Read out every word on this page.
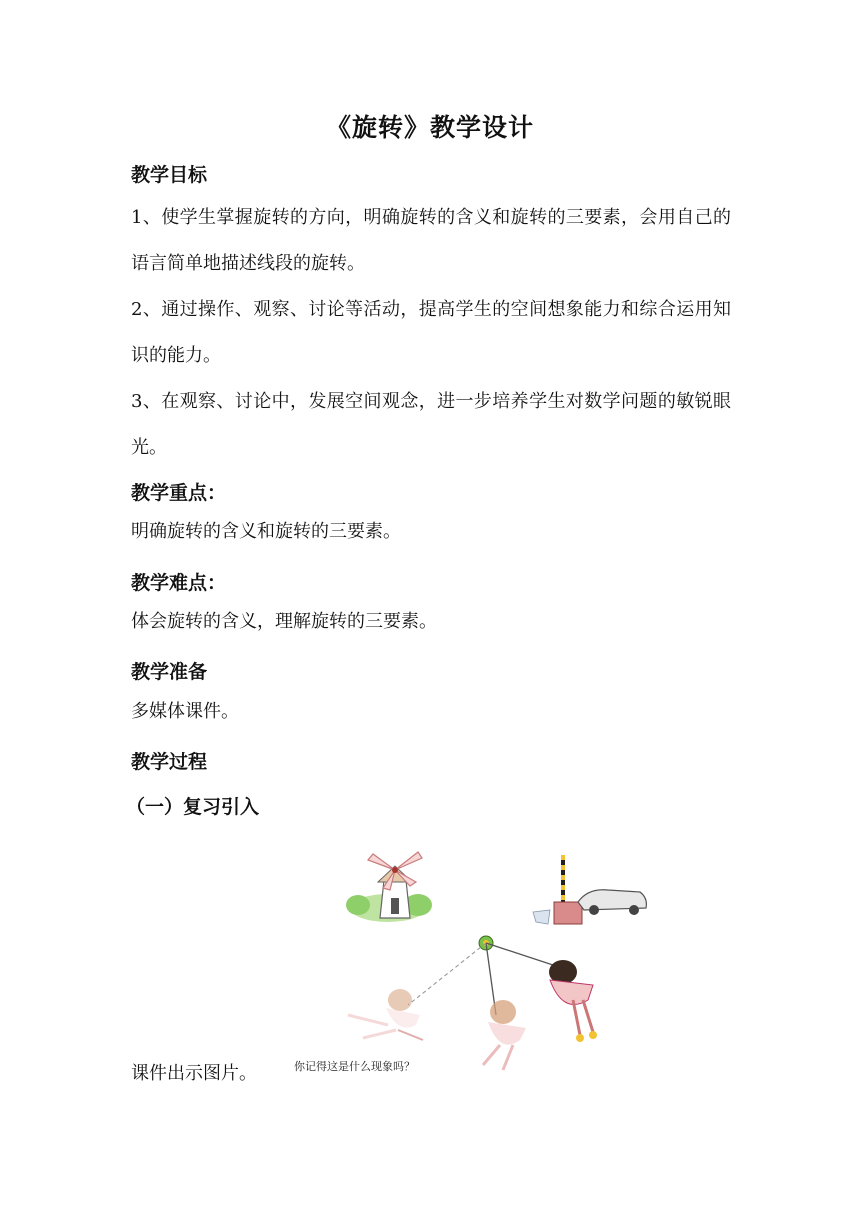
《旋转》教学设计
教学目标
1、使学生掌握旋转的方向，明确旋转的含义和旋转的三要素，会用自己的语言简单地描述线段的旋转。
2、通过操作、观察、讨论等活动，提高学生的空间想象能力和综合运用知识的能力。
3、在观察、讨论中，发展空间观念，进一步培养学生对数学问题的敏锐眼光。
教学重点：
明确旋转的含义和旋转的三要素。
教学难点：
体会旋转的含义，理解旋转的三要素。
教学准备
多媒体课件。
教学过程
（一）复习引入
你记得这是什么现象吗？
课件出示图片。
